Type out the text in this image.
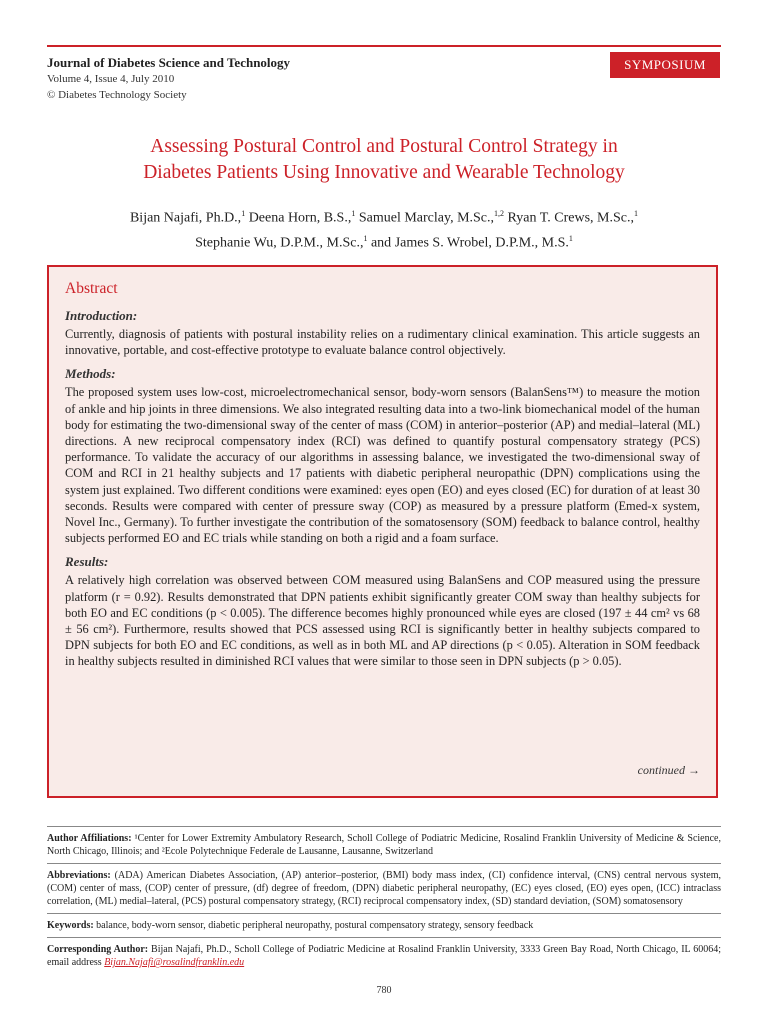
Journal of Diabetes Science and Technology
Volume 4, Issue 4, July 2010
© Diabetes Technology Society
SYMPOSIUM
Assessing Postural Control and Postural Control Strategy in
Diabetes Patients Using Innovative and Wearable Technology
Bijan Najafi, Ph.D.,$^1$ Deena Horn, B.S.,$^1$ Samuel Marclay, M.Sc.,$^{1,2}$ Ryan T. Crews, M.Sc.,$^1$
Stephanie Wu, D.P.M., M.Sc.,$^1$ and James S. Wrobel, D.P.M., M.S.$^1$
Abstract
Introduction:

Currently, diagnosis of patients with postural instability relies on a rudimentary clinical examination. This article suggests an innovative, portable, and cost-effective prototype to evaluate balance control objectively.

Methods:

The proposed system uses low-cost, microelectromechanical sensor, body-worn sensors (BalanSens™) to measure the motion of ankle and hip joints in three dimensions. We also integrated resulting data into a two-link biomechanical model of the human body for estimating the two-dimensional sway of the center of mass (COM) in anterior–posterior (AP) and medial–lateral (ML) directions. A new reciprocal compensatory index (RCI) was defined to quantify postural compensatory strategy (PCS) performance. To validate the accuracy of our algorithms in assessing balance, we investigated the two-dimensional sway of COM and RCI in 21 healthy subjects and 17 patients with diabetic peripheral neuropathic (DPN) complications using the system just explained. Two different conditions were examined: eyes open (EO) and eyes closed (EC) for duration of at least 30 seconds. Results were compared with center of pressure sway (COP) as measured by a pressure platform (Emed-x system, Novel Inc., Germany). To further investigate the contribution of the somatosensory (SOM) feedback to balance control, healthy subjects performed EO and EC trials while standing on both a rigid and a foam surface.

Results:

A relatively high correlation was observed between COM measured using BalanSens and COP measured using the pressure platform (r = 0.92). Results demonstrated that DPN patients exhibit significantly greater COM sway than healthy subjects for both EO and EC conditions (p < 0.005). The difference becomes highly pronounced while eyes are closed (197 ± 44 cm² vs 68 ± 56 cm²). Furthermore, results showed that PCS assessed using RCI is significantly better in healthy subjects compared to DPN subjects for both EO and EC conditions, as well as in both ML and AP directions (p < 0.05). Alteration in SOM feedback in healthy subjects resulted in diminished RCI values that were similar to those seen in DPN subjects (p > 0.05).

continued →

Author Affiliations: ¹Center for Lower Extremity Ambulatory Research, Scholl College of Podiatric Medicine, Rosalind Franklin University of Medicine & Science, North Chicago, Illinois; and ²Ecole Polytechnique Federale de Lausanne, Lausanne, Switzerland

Abbreviations: (ADA) American Diabetes Association, (AP) anterior–posterior, (BMI) body mass index, (CI) confidence interval, (CNS) central nervous system, (COM) center of mass, (COP) center of pressure, (df) degree of freedom, (DPN) diabetic peripheral neuropathy, (EC) eyes closed, (EO) eyes open, (ICC) intraclass correlation, (ML) medial–lateral, (PCS) postural compensatory strategy, (RCI) reciprocal compensatory index, (SD) standard deviation, (SOM) somatosensory

Keywords: balance, body-worn sensor, diabetic peripheral neuropathy, postural compensatory strategy, sensory feedback

Corresponding Author: Bijan Najafi, Ph.D., Scholl College of Podiatric Medicine at Rosalind Franklin University, 3333 Green Bay Road, North Chicago, IL 60064; email address Bijan.Najafi@rosalindfranklin.edu

780
